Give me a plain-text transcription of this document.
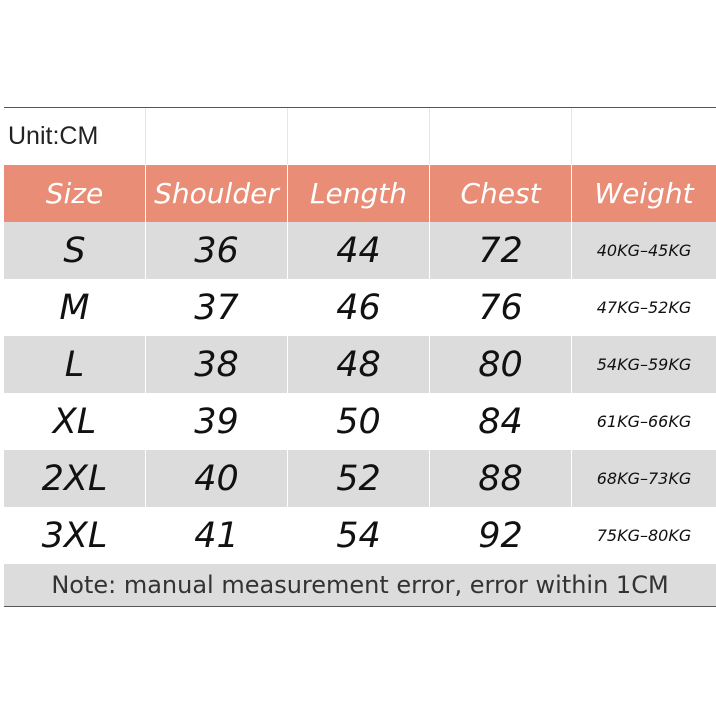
Unit:CM
Size	Shoulder	Length	Chest	Weight
S	36	44	72	40KG–45KG
M	37	46	76	47KG–52KG
L	38	48	80	54KG–59KG
XL	39	50	84	61KG–66KG
2XL	40	52	88	68KG–73KG
3XL	41	54	92	75KG–80KG
Note: manual measurement error, error within 1CM
